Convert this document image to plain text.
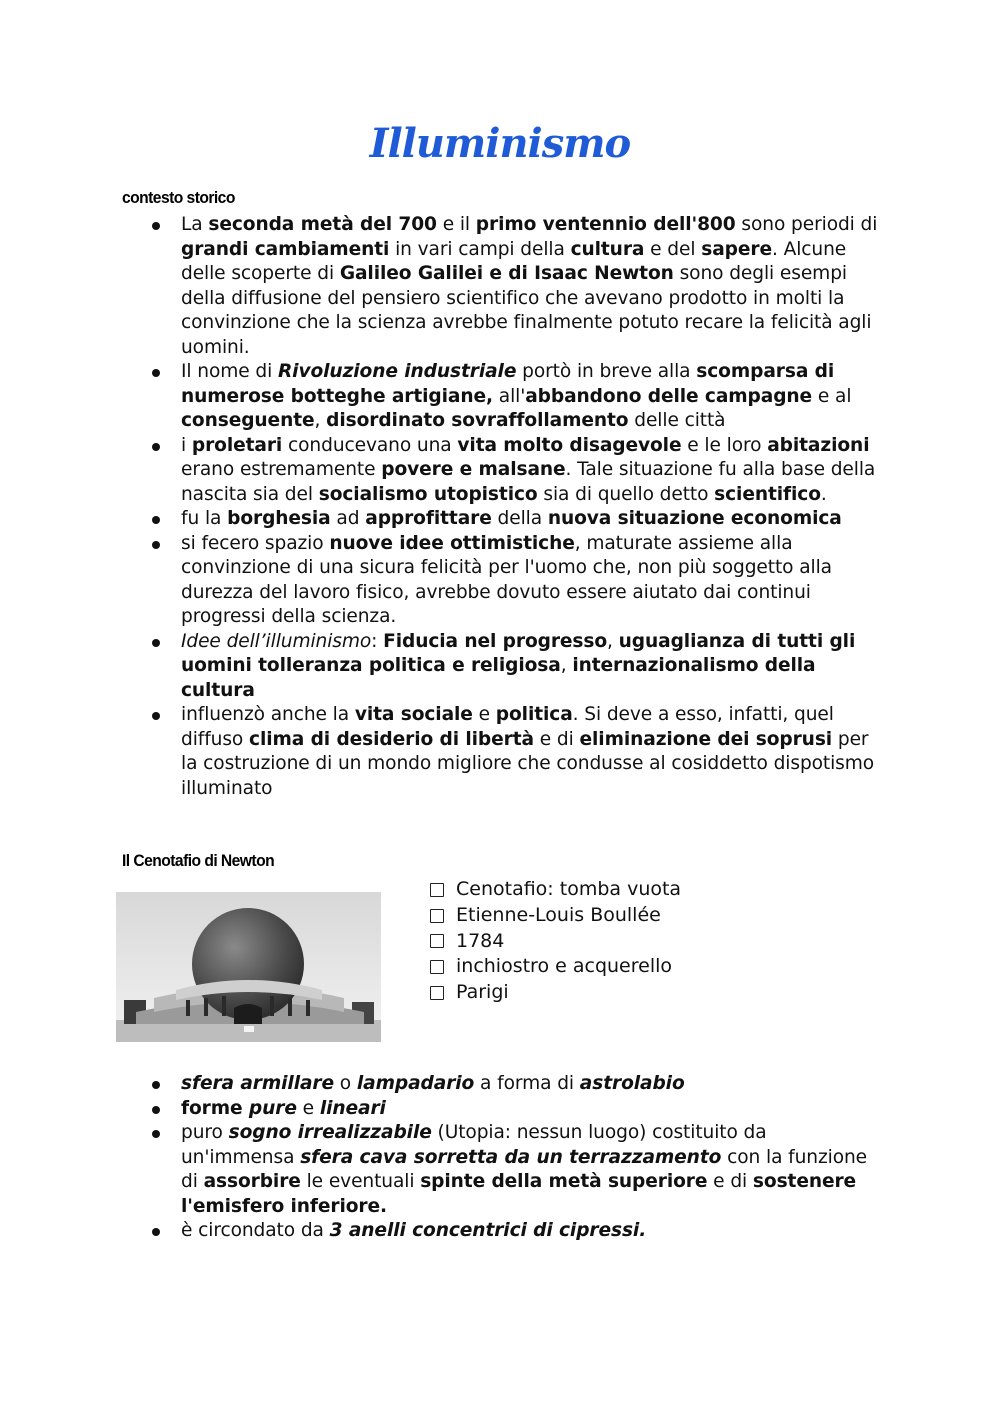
Illuminismo
contesto storico
La seconda metà del 700 e il primo ventennio dell'800 sono periodi di grandi cambiamenti in vari campi della cultura e del sapere. Alcune delle scoperte di Galileo Galilei e di Isaac Newton sono degli esempi della diffusione del pensiero scientifico che avevano prodotto in molti la convinzione che la scienza avrebbe finalmente potuto recare la felicità agli uomini.
Il nome di Rivoluzione industriale portò in breve alla scomparsa di numerose botteghe artigiane, all'abbandono delle campagne e al conseguente, disordinato sovraffollamento delle città
i proletari conducevano una vita molto disagevole e le loro abitazioni erano estremamente povere e malsane. Tale situazione fu alla base della nascita sia del socialismo utopistico sia di quello detto scientifico.
fu la borghesia ad approfittare della nuova situazione economica
si fecero spazio nuove idee ottimistiche, maturate assieme alla convinzione di una sicura felicità per l'uomo che, non più soggetto alla durezza del lavoro fisico, avrebbe dovuto essere aiutato dai continui progressi della scienza.
Idee dell’illuminismo: Fiducia nel progresso, uguaglianza di tutti gli uomini tolleranza politica e religiosa, internazionalismo della cultura
influenzò anche la vita sociale e politica. Si deve a esso, infatti, quel diffuso clima di desiderio di libertà e di eliminazione dei soprusi per la costruzione di un mondo migliore che condusse al cosiddetto dispotismo illuminato
Il Cenotafio di Newton
Cenotafio: tomba vuota
Etienne-Louis Boullée
1784
inchiostro e acquerello
Parigi
sfera armillare o lampadario a forma di astrolabio
forme pure e lineari
puro sogno irrealizzabile (Utopia: nessun luogo) costituito da un'immensa sfera cava sorretta da un terrazzamento con la funzione di assorbire le eventuali spinte della metà superiore e di sostenere l'emisfero inferiore.
è circondato da 3 anelli concentrici di cipressi.
